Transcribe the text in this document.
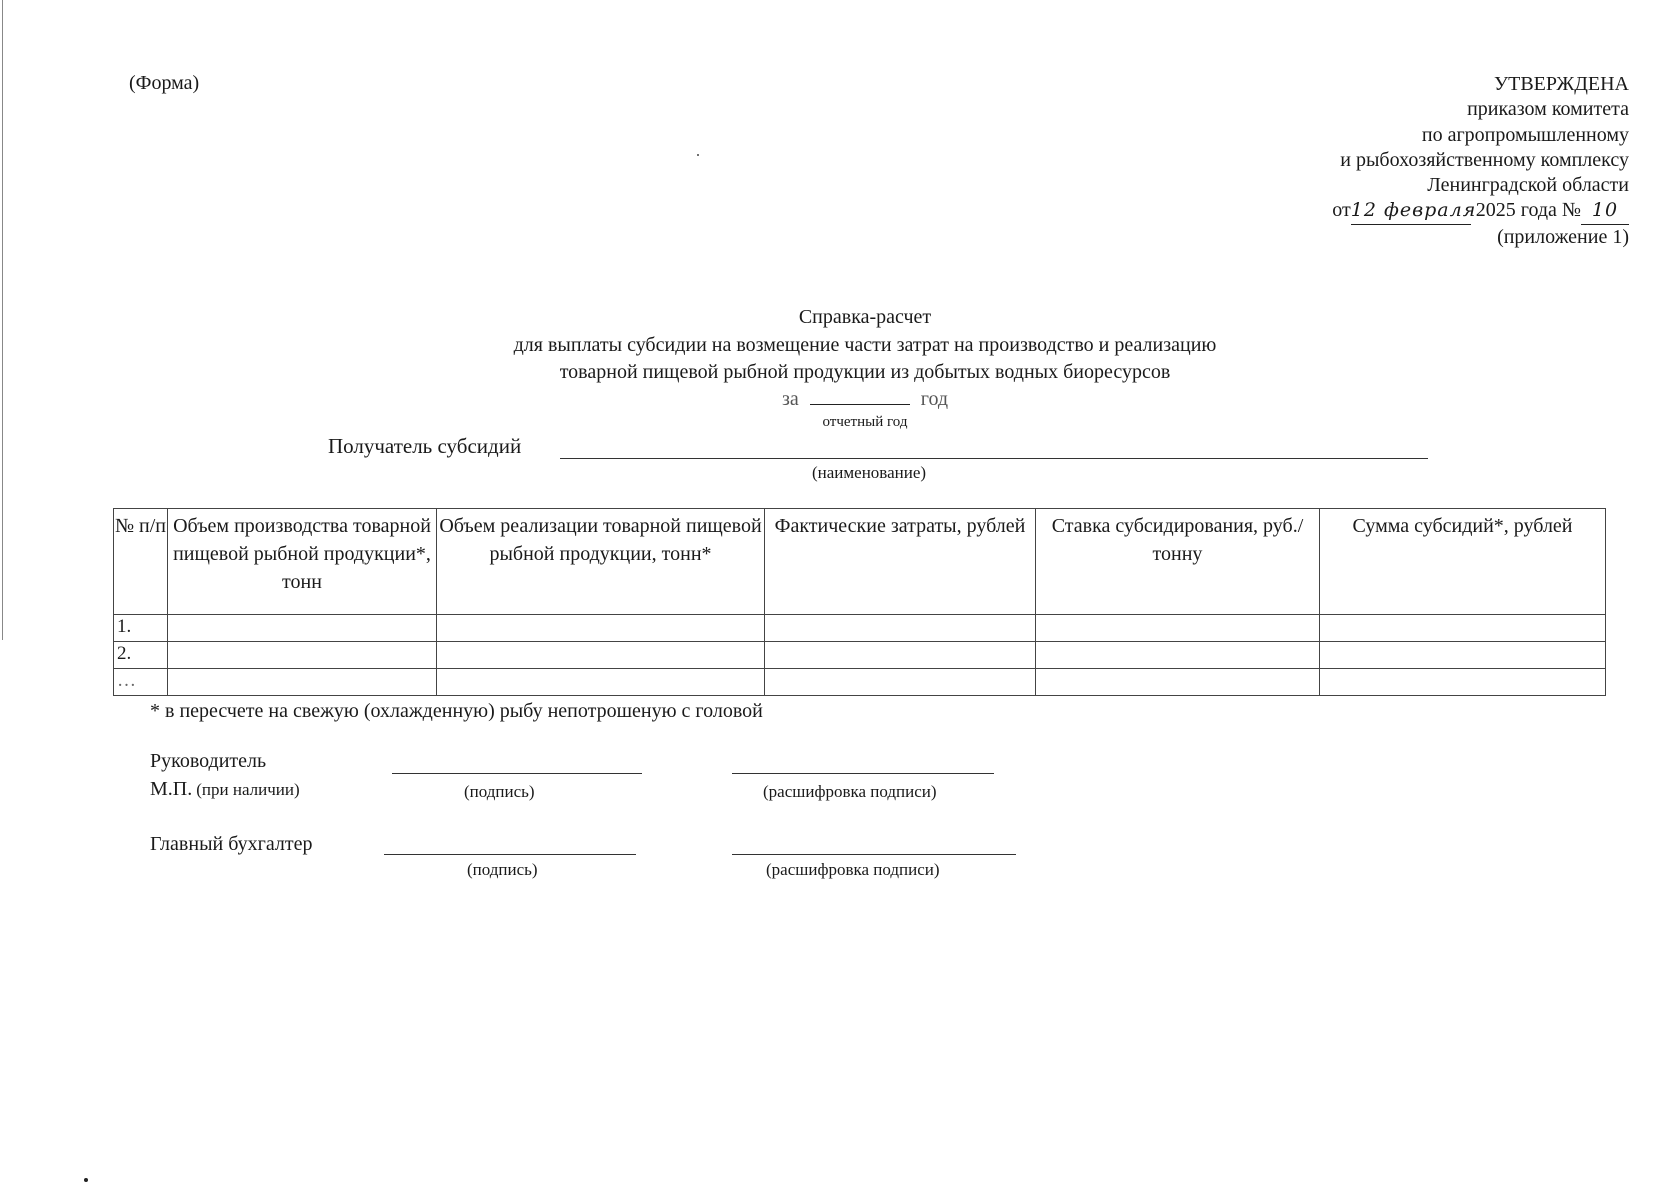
(Форма)	УТВЕРЖДЕНА
приказом комитета
по агропромышленному
и рыбохозяйственному комплексу
Ленинградской области
от12 февраля 2025 года № 10
(приложение 1)
Справка-расчет
для выплаты субсидии на возмещение части затрат на производство и реализацию
товарной пищевой рыбной продукции из добытых водных биоресурсов
за	год
отчетный год
Получатель субсидий
(наименование)
№ п/п	Объем производства товарной пищевой рыбной продукции*, тонн	Объем реализации товарной пищевой рыбной продукции, тонн*	Фактические затраты, рублей	Ставка субсидирования, руб./тонну	Сумма субсидий*, рублей
1.					
2.					
…					
* в пересчете на свежую (охлажденную) рыбу непотрошеную с головой
Руководитель
М.П. (при наличии)	(подпись)	(расшифровка подписи)
Главный бухгалтер
(подпись)	(расшифровка подписи)
